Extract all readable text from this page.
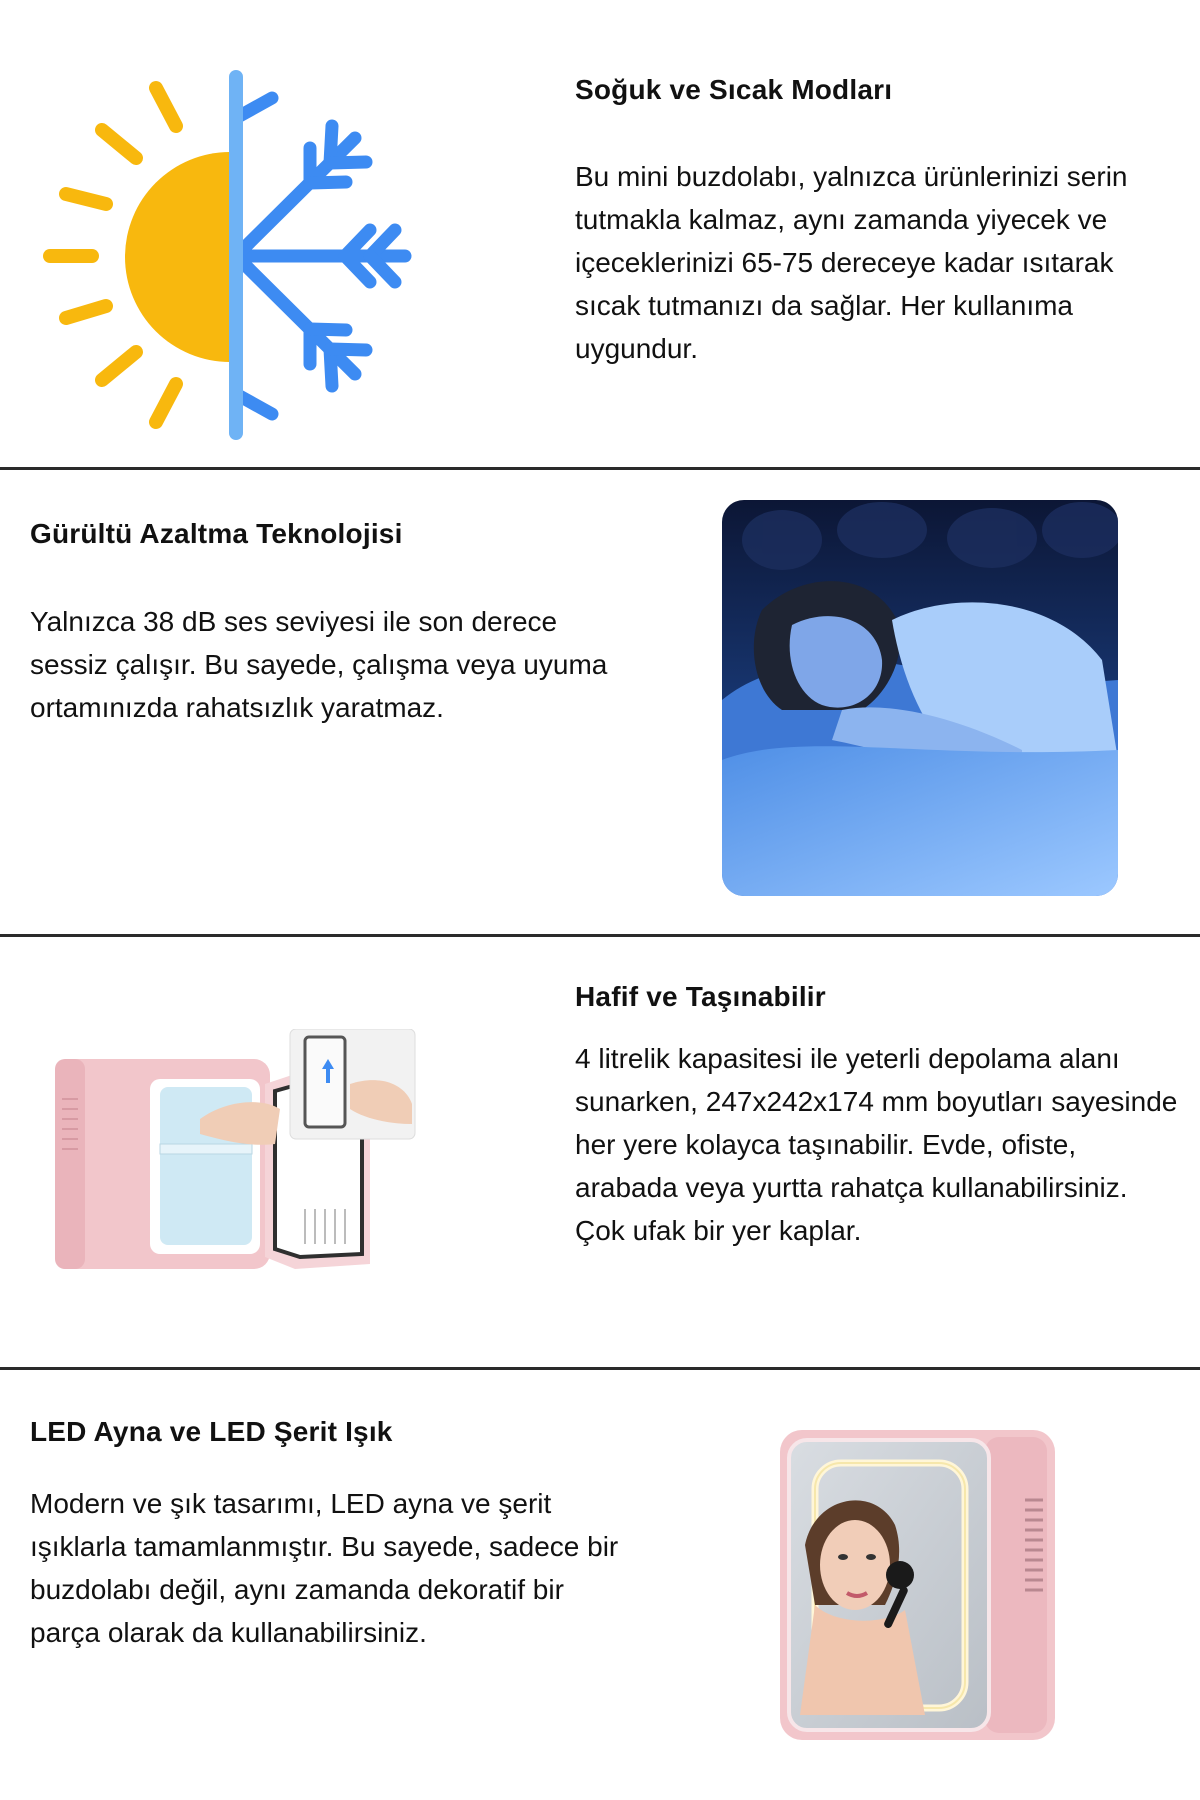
Soğuk ve Sıcak Modları

Bu mini buzdolabı, yalnızca ürünlerinizi serin tutmakla kalmaz, aynı zamanda yiyecek ve içeceklerinizi 65-75 dereceye kadar ısıtarak sıcak tutmanızı da sağlar. Her kullanıma uygundur.

Gürültü Azaltma Teknolojisi

Yalnızca 38 dB ses seviyesi ile son derece sessiz çalışır. Bu sayede, çalışma veya uyuma ortamınızda rahatsızlık yaratmaz.

Hafif ve Taşınabilir

4 litrelik kapasitesi ile yeterli depolama alanı sunarken, 247x242x174 mm boyutları sayesinde her yere kolayca taşınabilir. Evde, ofiste, arabada veya yurtta rahatça kullanabilirsiniz. Çok ufak bir yer kaplar.

LED Ayna ve LED Şerit Işık

Modern ve şık tasarımı, LED ayna ve şerit ışıklarla tamamlanmıştır. Bu sayede, sadece bir buzdolabı değil, aynı zamanda dekoratif bir parça olarak da kullanabilirsiniz.
